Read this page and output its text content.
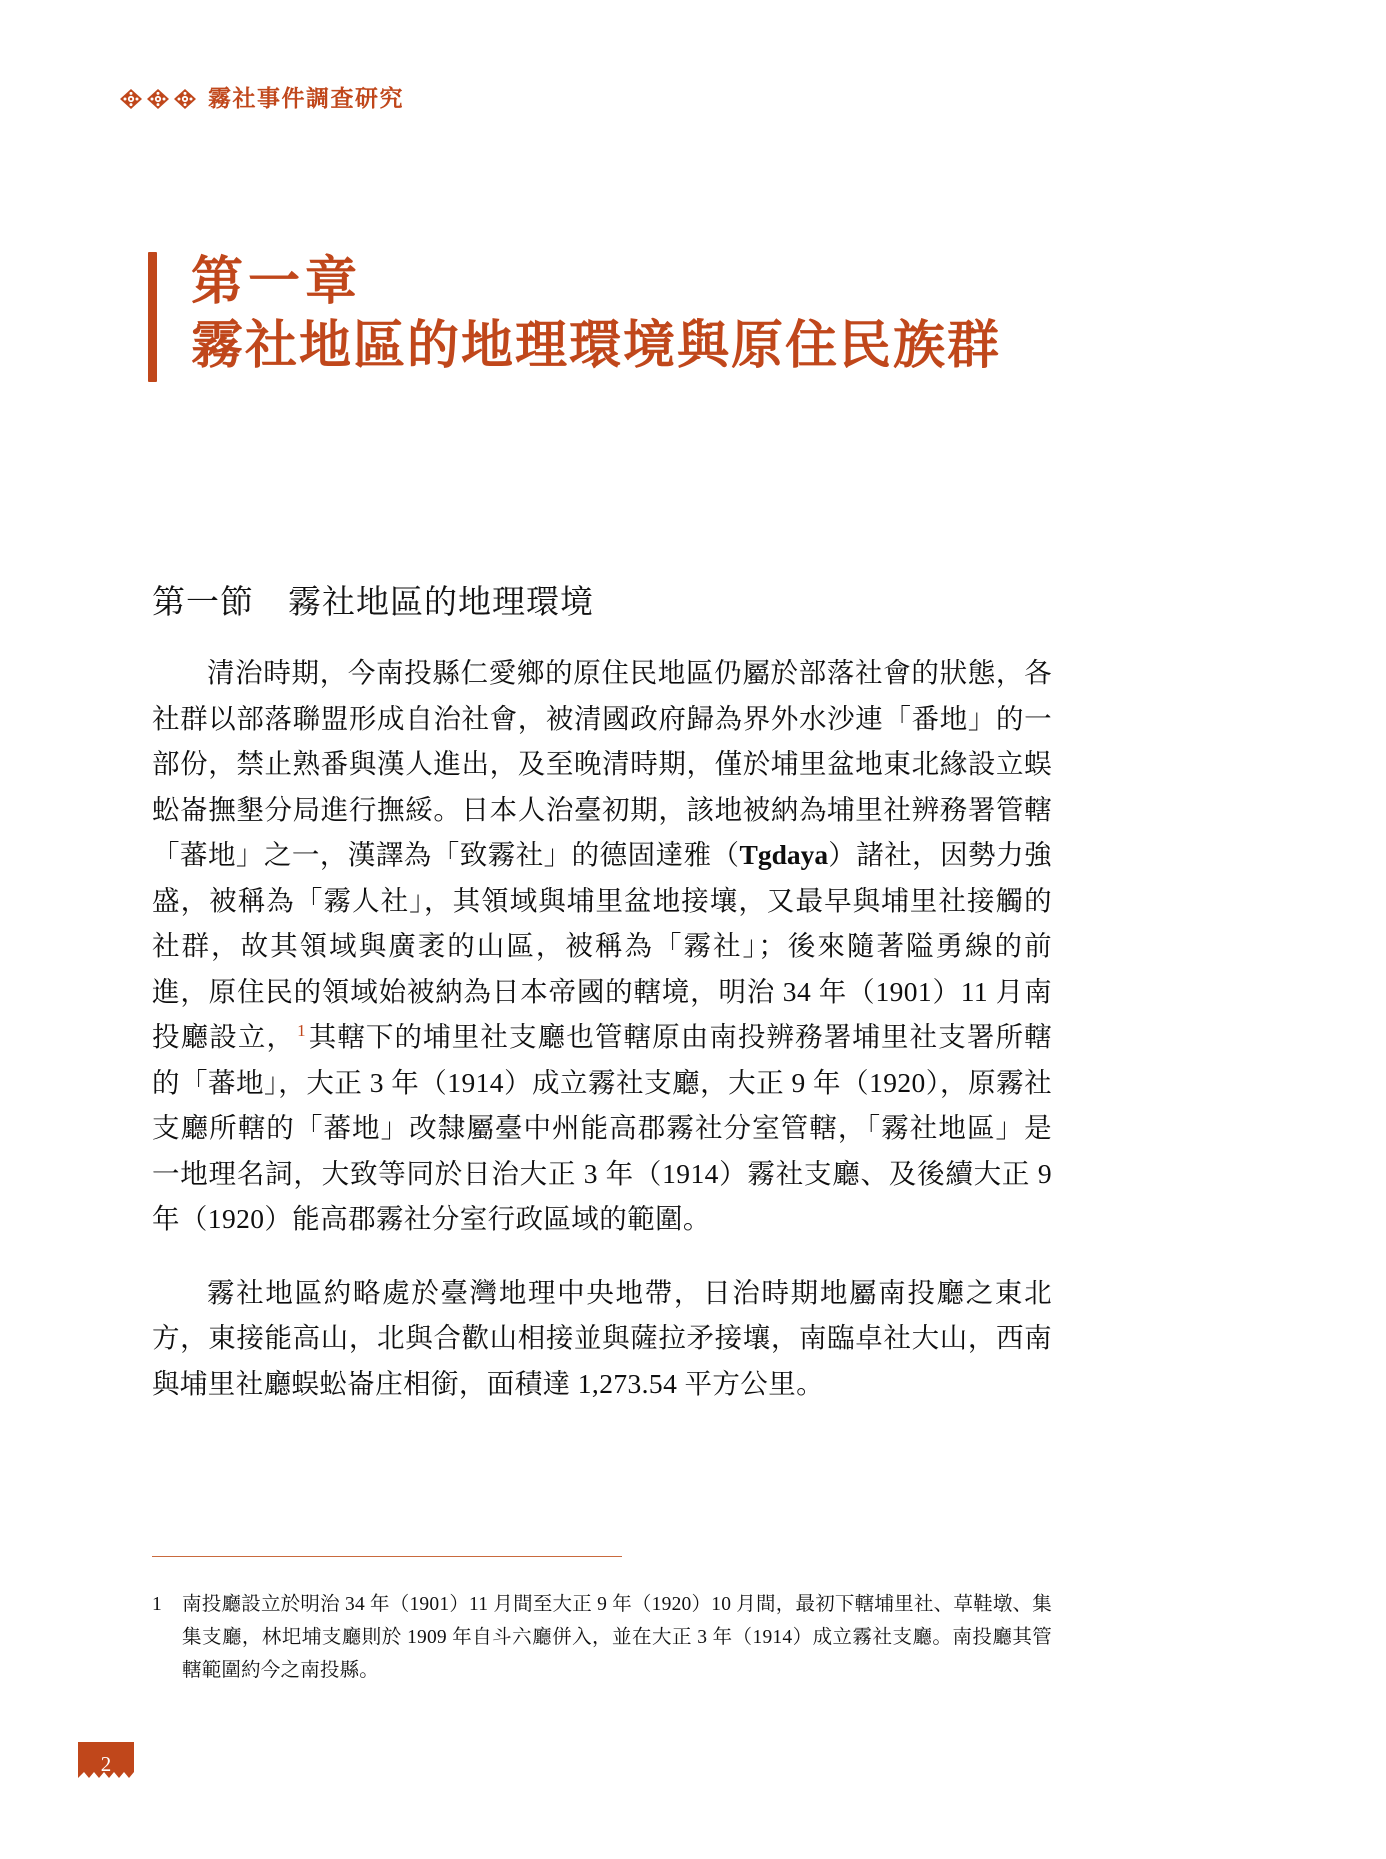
霧社事件調查研究
第一章
霧社地區的地理環境與原住民族群
第一節　霧社地區的地理環境

清治時期，今南投縣仁愛鄉的原住民地區仍屬於部落社會的狀態，各社群以部落聯盟形成自治社會，被清國政府歸為界外水沙連「番地」的一部份，禁止熟番與漢人進出，及至晚清時期，僅於埔里盆地東北緣設立蜈蚣崙撫墾分局進行撫綏。日本人治臺初期，該地被納為埔里社辨務署管轄「蕃地」之一，漢譯為「致霧社」的德固達雅（Tgdaya）諸社，因勢力強盛，被稱為「霧人社」，其領域與埔里盆地接壤，又最早與埔里社接觸的社群，故其領域與廣袤的山區，被稱為「霧社」；後來隨著隘勇線的前進，原住民的領域始被納為日本帝國的轄境，明治 34 年（1901）11 月南投廳設立， $^1$其轄下的埔里社支廳也管轄原由南投辨務署埔里社支署所轄的「蕃地」，大正 3 年（1914）成立霧社支廳，大正 9 年（1920），原霧社支廳所轄的「蕃地」改隸屬臺中州能高郡霧社分室管轄，「霧社地區」是一地理名詞，大致等同於日治大正 3 年（1914）霧社支廳、及後續大正 9 年（1920）能高郡霧社分室行政區域的範圍。

霧社地區約略處於臺灣地理中央地帶，日治時期地屬南投廳之東北方，東接能高山，北與合歡山相接並與薩拉矛接壤，南臨卓社大山，西南與埔里社廳蜈蚣崙庄相銜，面積達 1,273.54 平方公里。

1 南投廳設立於明治 34 年（1901）11 月間至大正 9 年（1920）10 月間，最初下轄埔里社、草鞋墩、集集支廳，林圯埔支廳則於 1909 年自斗六廳併入，並在大正 3 年（1914）成立霧社支廳。南投廳其管轄範圍約今之南投縣。
2
